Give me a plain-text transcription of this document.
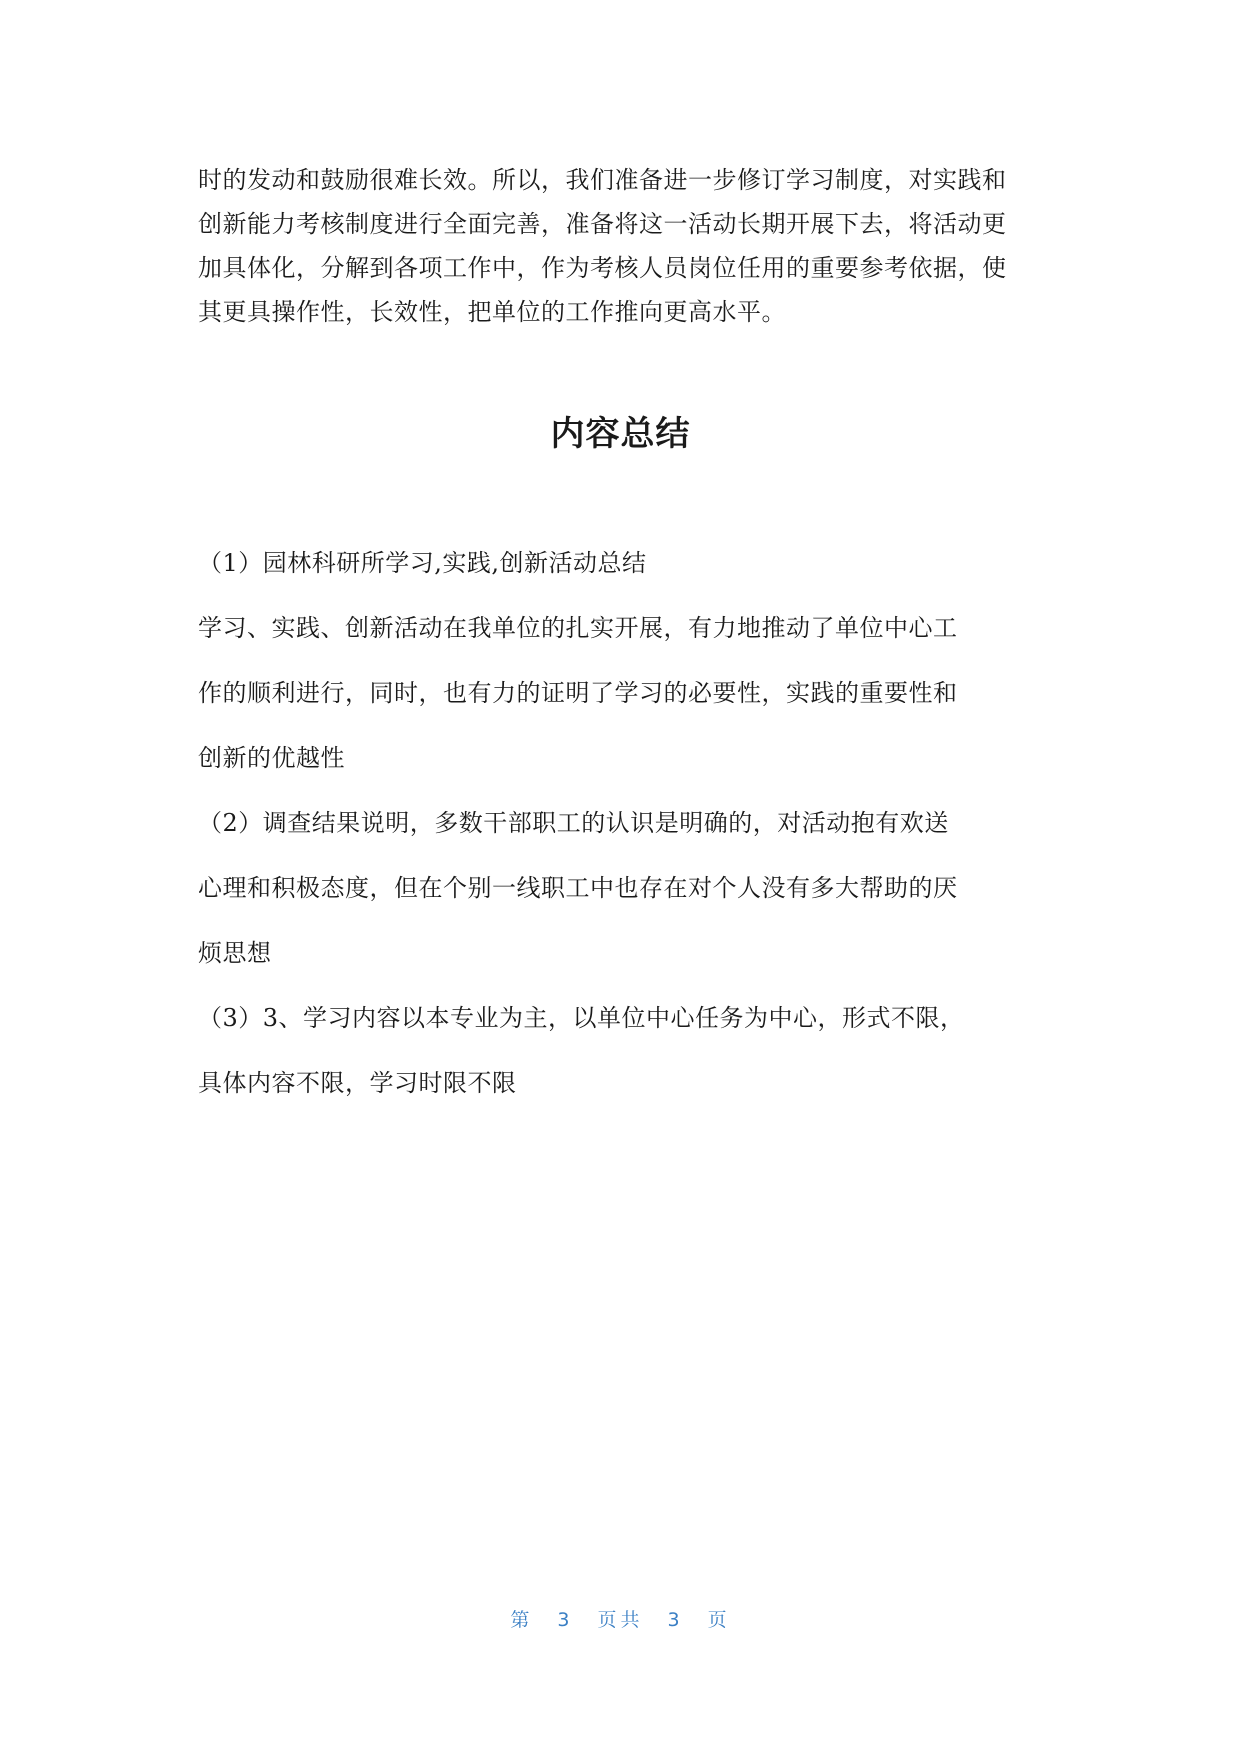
时的发动和鼓励很难长效。所以，我们准备进一步修订学习制度，对实践和
创新能力考核制度进行全面完善，准备将这一活动长期开展下去，将活动更
加具体化，分解到各项工作中，作为考核人员岗位任用的重要参考依据，使
其更具操作性，长效性，把单位的工作推向更高水平。
内容总结
（1）园林科研所学习,实践,创新活动总结
学习、实践、创新活动在我单位的扎实开展，有力地推动了单位中心工
作的顺利进行，同时，也有力的证明了学习的必要性，实践的重要性和
创新的优越性
（2）调查结果说明，多数干部职工的认识是明确的，对活动抱有欢送
心理和积极态度，但在个别一线职工中也存在对个人没有多大帮助的厌
烦思想
（3）3、学习内容以本专业为主，以单位中心任务为中心，形式不限，
具体内容不限，学习时限不限
第 3 页共 3 页
